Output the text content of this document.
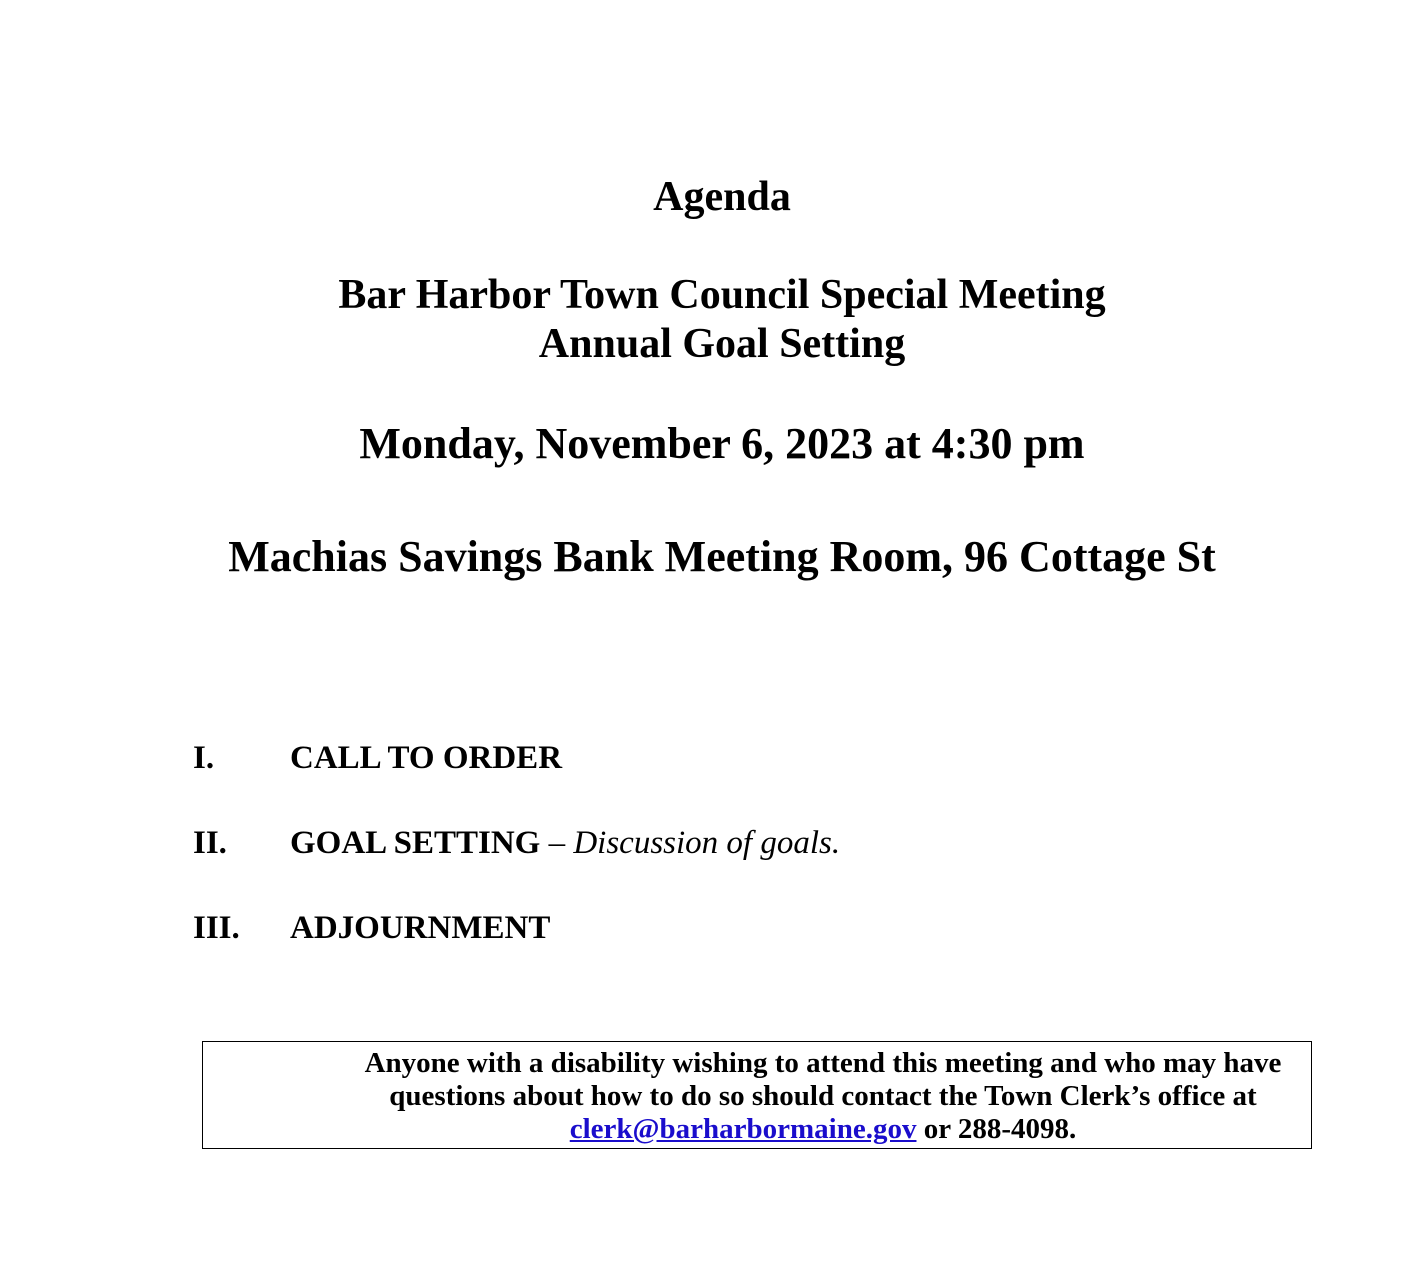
Agenda
Bar Harbor Town Council Special Meeting
Annual Goal Setting
Monday, November 6, 2023 at 4:30 pm
Machias Savings Bank Meeting Room, 96 Cottage St
I. CALL TO ORDER
II. GOAL SETTING – Discussion of goals.
III. ADJOURNMENT
Anyone with a disability wishing to attend this meeting and who may have
questions about how to do so should contact the Town Clerk’s office at
clerk@barharbormaine.gov or 288-4098.
